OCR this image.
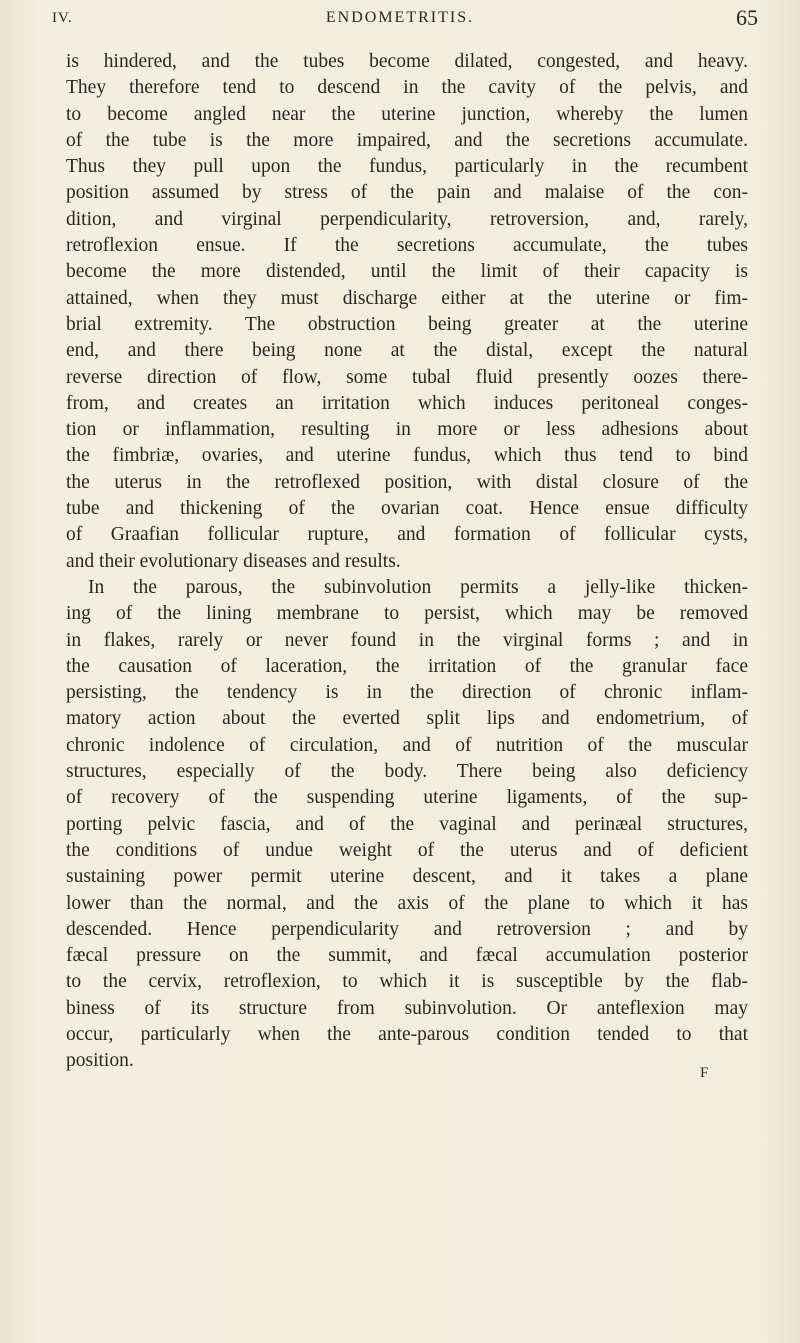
IV.	ENDOMETRITIS.	65
is hindered, and the tubes become dilated, congested, and heavy.
They therefore tend to descend in the cavity of the pelvis, and
to become angled near the uterine junction, whereby the lumen
of the tube is the more impaired, and the secretions accumulate.
Thus they pull upon the fundus, particularly in the recumbent
position assumed by stress of the pain and malaise of the con-
dition, and virginal perpendicularity, retroversion, and, rarely,
retroflexion ensue. If the secretions accumulate, the tubes
become the more distended, until the limit of their capacity is
attained, when they must discharge either at the uterine or fim-
brial extremity. The obstruction being greater at the uterine
end, and there being none at the distal, except the natural
reverse direction of flow, some tubal fluid presently oozes there-
from, and creates an irritation which induces peritoneal conges-
tion or inflammation, resulting in more or less adhesions about
the fimbriæ, ovaries, and uterine fundus, which thus tend to bind
the uterus in the retroflexed position, with distal closure of the
tube and thickening of the ovarian coat. Hence ensue difficulty
of Graafian follicular rupture, and formation of follicular cysts,
and their evolutionary diseases and results.
In the parous, the subinvolution permits a jelly-like thicken-
ing of the lining membrane to persist, which may be removed
in flakes, rarely or never found in the virginal forms ; and in
the causation of laceration, the irritation of the granular face
persisting, the tendency is in the direction of chronic inflam-
matory action about the everted split lips and endometrium, of
chronic indolence of circulation, and of nutrition of the muscular
structures, especially of the body. There being also deficiency
of recovery of the suspending uterine ligaments, of the sup-
porting pelvic fascia, and of the vaginal and perinæal structures,
the conditions of undue weight of the uterus and of deficient
sustaining power permit uterine descent, and it takes a plane
lower than the normal, and the axis of the plane to which it has
descended. Hence perpendicularity and retroversion ; and by
fæcal pressure on the summit, and fæcal accumulation posterior
to the cervix, retroflexion, to which it is susceptible by the flab-
biness of its structure from subinvolution. Or anteflexion may
occur, particularly when the ante-parous condition tended to that
position.
F
